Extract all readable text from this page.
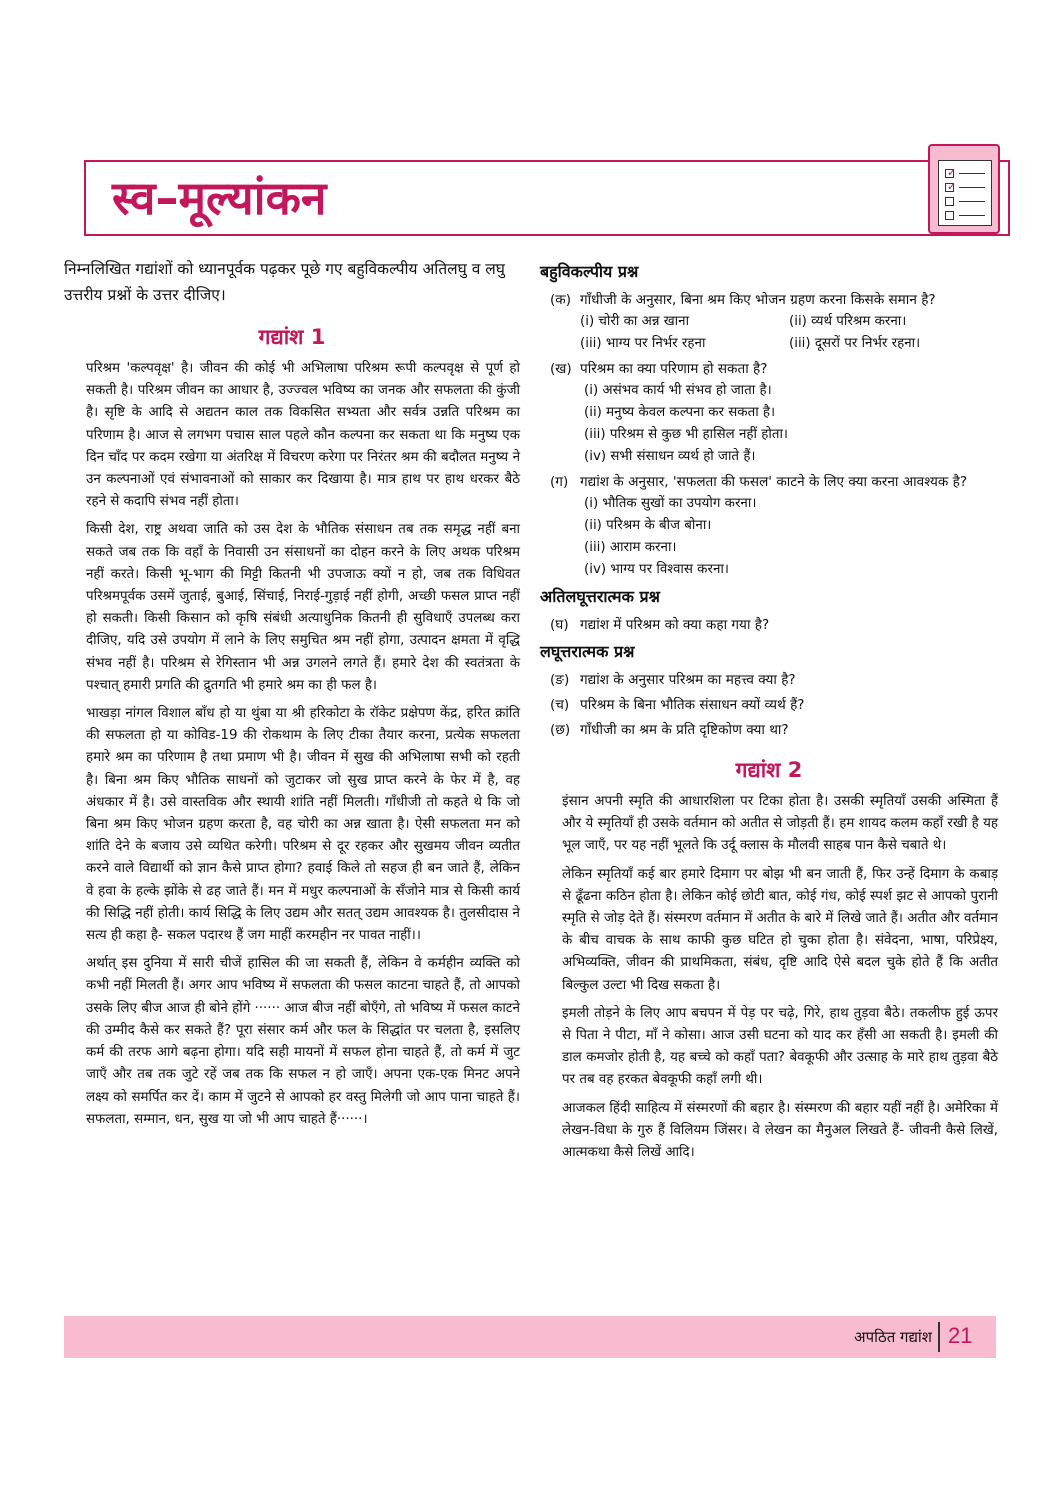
स्व–मूल्यांकन	✓
✓

निम्नलिखित गद्यांशों को ध्यानपूर्वक पढ़कर पूछे गए बहुविकल्पीय अतिलघु व लघु उत्तरीय प्रश्नों के उत्तर दीजिए।

गद्यांश 1

परिश्रम 'कल्पवृक्ष' है। जीवन की कोई भी अभिलाषा परिश्रम रूपी कल्पवृक्ष से पूर्ण हो सकती है। परिश्रम जीवन का आधार है, उज्ज्वल भविष्य का जनक और सफलता की कुंजी है। सृष्टि के आदि से अद्यतन काल तक विकसित सभ्यता और सर्वत्र उन्नति परिश्रम का परिणाम है। आज से लगभग पचास साल पहले कौन कल्पना कर सकता था कि मनुष्य एक दिन चाँद पर कदम रखेगा या अंतरिक्ष में विचरण करेगा पर निरंतर श्रम की बदौलत मनुष्य ने उन कल्पनाओं एवं संभावनाओं को साकार कर दिखाया है। मात्र हाथ पर हाथ धरकर बैठे रहने से कदापि संभव नहीं होता।

किसी देश, राष्ट्र अथवा जाति को उस देश के भौतिक संसाधन तब तक समृद्ध नहीं बना सकते जब तक कि वहाँ के निवासी उन संसाधनों का दोहन करने के लिए अथक परिश्रम नहीं करते। किसी भू-भाग की मिट्टी कितनी भी उपजाऊ क्यों न हो, जब तक विधिवत परिश्रमपूर्वक उसमें जुताई, बुआई, सिंचाई, निराई-गुड़ाई नहीं होगी, अच्छी फसल प्राप्त नहीं हो सकती। किसी किसान को कृषि संबंधी अत्याधुनिक कितनी ही सुविधाएँ उपलब्ध करा दीजिए, यदि उसे उपयोग में लाने के लिए समुचित श्रम नहीं होगा, उत्पादन क्षमता में वृद्धि संभव नहीं है। परिश्रम से रेगिस्तान भी अन्न उगलने लगते हैं। हमारे देश की स्वतंत्रता के पश्चात् हमारी प्रगति की द्रुतगति भी हमारे श्रम का ही फल है।

भाखड़ा नांगल विशाल बाँध हो या थुंबा या श्री हरिकोटा के रॉकेट प्रक्षेपण केंद्र, हरित क्रांति की सफलता हो या कोविड-19 की रोकथाम के लिए टीका तैयार करना, प्रत्येक सफलता हमारे श्रम का परिणाम है तथा प्रमाण भी है। जीवन में सुख की अभिलाषा सभी को रहती है। बिना श्रम किए भौतिक साधनों को जुटाकर जो सुख प्राप्त करने के फेर में है, वह अंधकार में है। उसे वास्तविक और स्थायी शांति नहीं मिलती। गाँधीजी तो कहते थे कि जो बिना श्रम किए भोजन ग्रहण करता है, वह चोरी का अन्न खाता है। ऐसी सफलता मन को शांति देने के बजाय उसे व्यथित करेगी। परिश्रम से दूर रहकर और सुखमय जीवन व्यतीत करने वाले विद्यार्थी को ज्ञान कैसे प्राप्त होगा? हवाई किले तो सहज ही बन जाते हैं, लेकिन वे हवा के हल्के झोंके से ढह जाते हैं। मन में मधुर कल्पनाओं के सँजोने मात्र से किसी कार्य की सिद्धि नहीं होती। कार्य सिद्धि के लिए उद्यम और सतत् उद्यम आवश्यक है। तुलसीदास ने सत्य ही कहा है- सकल पदारथ हैं जग माहीं करमहीन नर पावत नाहीं।।

अर्थात् इस दुनिया में सारी चीजें हासिल की जा सकती हैं, लेकिन वे कर्महीन व्यक्ति को कभी नहीं मिलती हैं। अगर आप भविष्य में सफलता की फसल काटना चाहते हैं, तो आपको उसके लिए बीज आज ही बोने होंगे ······ आज बीज नहीं बोएँगे, तो भविष्य में फसल काटने की उम्मीद कैसे कर सकते हैं? पूरा संसार कर्म और फल के सिद्धांत पर चलता है, इसलिए कर्म की तरफ आगे बढ़ना होगा। यदि सही मायनों में सफल होना चाहते हैं, तो कर्म में जुट जाएँ और तब तक जुटे रहें जब तक कि सफल न हो जाएँ। अपना एक-एक मिनट अपने लक्ष्य को समर्पित कर दें। काम में जुटने से आपको हर वस्तु मिलेगी जो आप पाना चाहते हैं। सफलता, सम्मान, धन, सुख या जो भी आप चाहते हैं······।

बहुविकल्पीय प्रश्न
(क) गाँधीजी के अनुसार, बिना श्रम किए भोजन ग्रहण करना किसके समान है?
(i) चोरी का अन्न खाना	(ii) व्यर्थ परिश्रम करना।
(iii) भाग्य पर निर्भर रहना	(iii) दूसरों पर निर्भर रहना।
(ख) परिश्रम का क्या परिणाम हो सकता है?
(i) असंभव कार्य भी संभव हो जाता है।
(ii) मनुष्य केवल कल्पना कर सकता है।
(iii) परिश्रम से कुछ भी हासिल नहीं होता।
(iv) सभी संसाधन व्यर्थ हो जाते हैं।
(ग) गद्यांश के अनुसार, 'सफलता की फसल' काटने के लिए क्या करना आवश्यक है?
(i) भौतिक सुखों का उपयोग करना।
(ii) परिश्रम के बीज बोना।
(iii) आराम करना।
(iv) भाग्य पर विश्वास करना।
अतिलघूत्तरात्मक प्रश्न
(घ) गद्यांश में परिश्रम को क्या कहा गया है?
लघूत्तरात्मक प्रश्न
(ङ) गद्यांश के अनुसार परिश्रम का महत्त्व क्या है?
(च) परिश्रम के बिना भौतिक संसाधन क्यों व्यर्थ हैं?
(छ) गाँधीजी का श्रम के प्रति दृष्टिकोण क्या था?
गद्यांश 2

इंसान अपनी स्मृति की आधारशिला पर टिका होता है। उसकी स्मृतियाँ उसकी अस्मिता हैं और ये स्मृतियाँ ही उसके वर्तमान को अतीत से जोड़ती हैं। हम शायद कलम कहाँ रखी है यह भूल जाएँ, पर यह नहीं भूलते कि उर्दू क्लास के मौलवी साहब पान कैसे चबाते थे।

लेकिन स्मृतियाँ कई बार हमारे दिमाग पर बोझ भी बन जाती हैं, फिर उन्हें दिमाग के कबाड़ से ढूँढना कठिन होता है। लेकिन कोई छोटी बात, कोई गंध, कोई स्पर्श झट से आपको पुरानी स्मृति से जोड़ देते हैं। संस्मरण वर्तमान में अतीत के बारे में लिखे जाते हैं। अतीत और वर्तमान के बीच वाचक के साथ काफी कुछ घटित हो चुका होता है। संवेदना, भाषा, परिप्रेक्ष्य, अभिव्यक्ति, जीवन की प्राथमिकता, संबंध, दृष्टि आदि ऐसे बदल चुके होते हैं कि अतीत बिल्कुल उल्टा भी दिख सकता है।

इमली तोड़ने के लिए आप बचपन में पेड़ पर चढ़े, गिरे, हाथ तुड़वा बैठे। तकलीफ हुई ऊपर से पिता ने पीटा, माँ ने कोसा। आज उसी घटना को याद कर हँसी आ सकती है। इमली की डाल कमजोर होती है, यह बच्चे को कहाँ पता? बेवकूफी और उत्साह के मारे हाथ तुड़वा बैठे पर तब वह हरकत बेवकूफी कहाँ लगी थी।

आजकल हिंदी साहित्य में संस्मरणों की बहार है। संस्मरण की बहार यहीं नहीं है। अमेरिका में लेखन-विधा के गुरु हैं विलियम जिंसर। वे लेखन का मैनुअल लिखते हैं- जीवनी कैसे लिखें, आत्मकथा कैसे लिखें आदि।

अपठित गद्यांश 21
